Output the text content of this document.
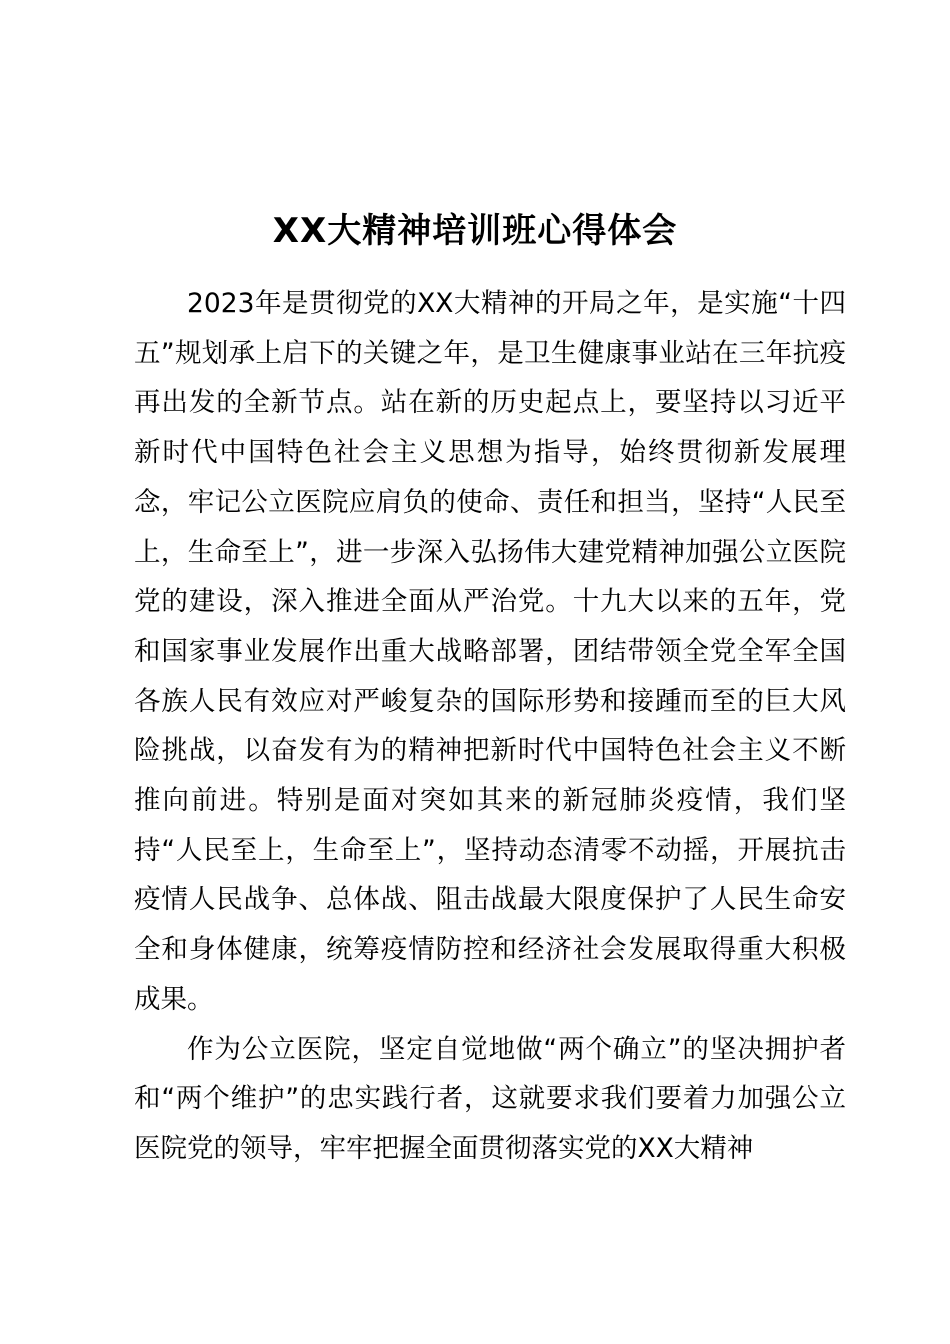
XX大精神培训班心得体会

2023年是贯彻党的XX大精神的开局之年，是实施“十四五”规划承上启下的关键之年，是卫生健康事业站在三年抗疫再出发的全新节点。站在新的历史起点上，要坚持以习近平新时代中国特色社会主义思想为指导，始终贯彻新发展理念，牢记公立医院应肩负的使命、责任和担当，坚持“人民至上，生命至上”，进一步深入弘扬伟大建党精神加强公立医院党的建设，深入推进全面从严治党。十九大以来的五年，党和国家事业发展作出重大战略部署，团结带领全党全军全国各族人民有效应对严峻复杂的国际形势和接踵而至的巨大风险挑战，以奋发有为的精神把新时代中国特色社会主义不断推向前进。特别是面对突如其来的新冠肺炎疫情，我们坚持“人民至上，生命至上”，坚持动态清零不动摇，开展抗击疫情人民战争、总体战、阻击战最大限度保护了人民生命安全和身体健康，统筹疫情防控和经济社会发展取得重大积极成果。

作为公立医院，坚定自觉地做“两个确立”的坚决拥护者和“两个维护”的忠实践行者，这就要求我们要着力加强公立医院党的领导，牢牢把握全面贯彻落实党的XX大精神
